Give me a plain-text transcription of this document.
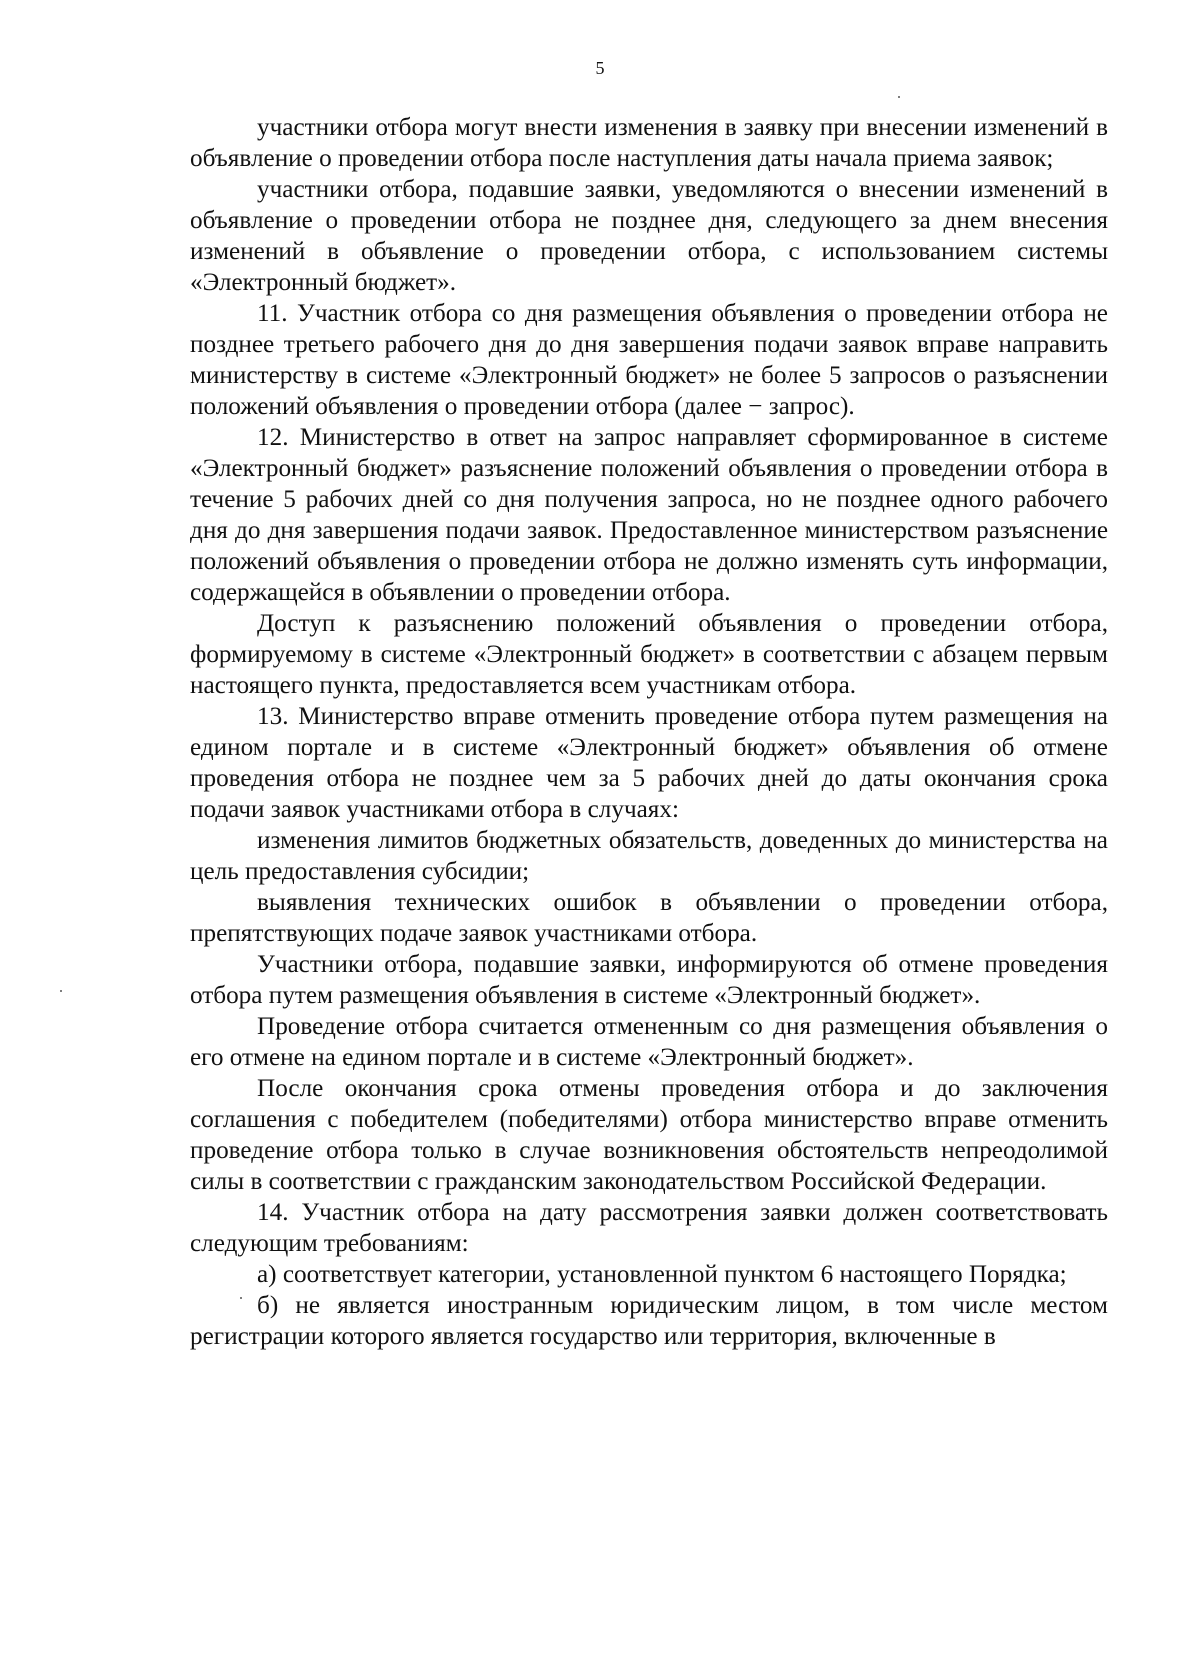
5

участники отбора могут внести изменения в заявку при внесении изменений в объявление о проведении отбора после наступления даты начала приема заявок;

участники отбора, подавшие заявки, уведомляются о внесении изменений в объявление о проведении отбора не позднее дня, следующего за днем внесения изменений в объявление о проведении отбора, с использованием системы «Электронный бюджет».

11. Участник отбора со дня размещения объявления о проведении отбора не позднее третьего рабочего дня до дня завершения подачи заявок вправе направить министерству в системе «Электронный бюджет» не более 5 запросов о разъяснении положений объявления о проведении отбора (далее − запрос).

12. Министерство в ответ на запрос направляет сформированное в системе «Электронный бюджет» разъяснение положений объявления о проведении отбора в течение 5 рабочих дней со дня получения запроса, но не позднее одного рабочего дня до дня завершения подачи заявок. Предоставленное министерством разъяснение положений объявления о проведении отбора не должно изменять суть информации, содержащейся в объявлении о проведении отбора.

Доступ к разъяснению положений объявления о проведении отбора, формируемому в системе «Электронный бюджет» в соответствии с абзацем первым настоящего пункта, предоставляется всем участникам отбора.

13. Министерство вправе отменить проведение отбора путем размещения на едином портале и в системе «Электронный бюджет» объявления об отмене проведения отбора не позднее чем за 5 рабочих дней до даты окончания срока подачи заявок участниками отбора в случаях:

изменения лимитов бюджетных обязательств, доведенных до министерства на цель предоставления субсидии;

выявления технических ошибок в объявлении о проведении отбора, препятствующих подаче заявок участниками отбора.

Участники отбора, подавшие заявки, информируются об отмене проведения отбора путем размещения объявления в системе «Электронный бюджет».

Проведение отбора считается отмененным со дня размещения объявления о его отмене на едином портале и в системе «Электронный бюджет».

После окончания срока отмены проведения отбора и до заключения соглашения с победителем (победителями) отбора министерство вправе отменить проведение отбора только в случае возникновения обстоятельств непреодолимой силы в соответствии с гражданским законодательством Российской Федерации.

14. Участник отбора на дату рассмотрения заявки должен соответствовать следующим требованиям:

а) соответствует категории, установленной пунктом 6 настоящего Порядка;

б) не является иностранным юридическим лицом, в том числе местом регистрации которого является государство или территория, включенные в
